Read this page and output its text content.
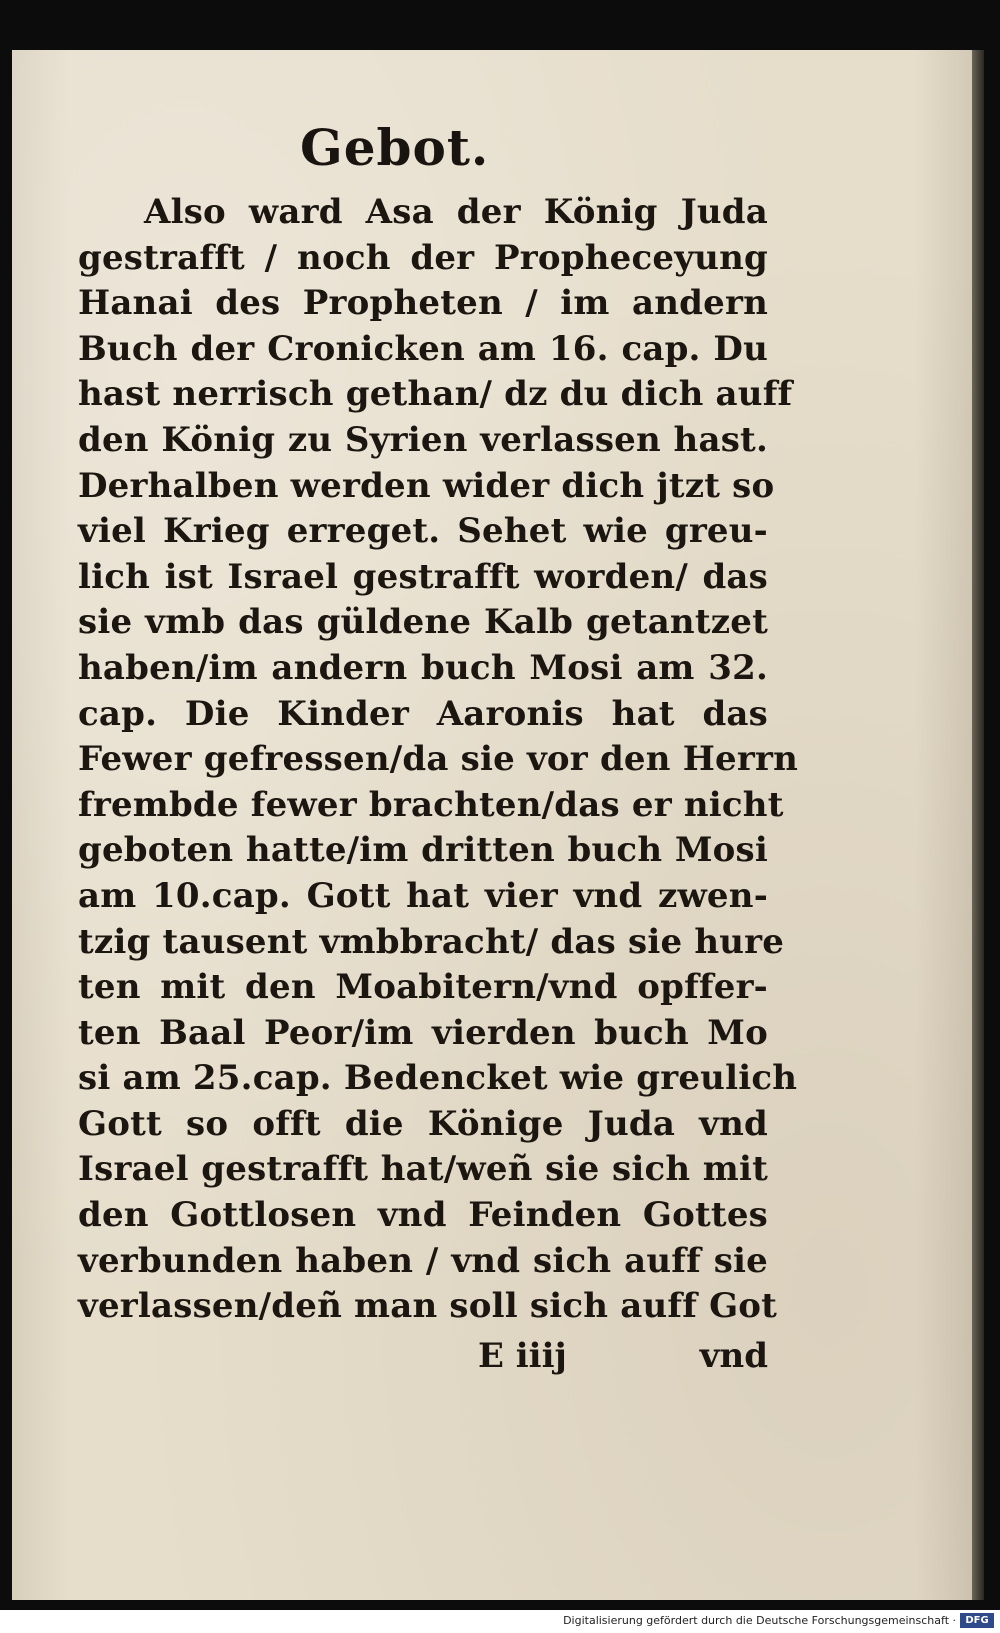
Gebot.
Also ward Asa der König Juda
gestrafft / noch der Propheceyung
Hanai des Propheten / im andern
Buch der Cronicken am 16. cap. Du
hast nerrisch gethan/ dz du dich auff
den König zu Syrien verlassen hast.
Derhalben werden wider dich jtzt so
viel Krieg erreget. Sehet wie greu-
lich ist Israel gestrafft worden/ das
sie vmb das güldene Kalb getantzet
haben/im andern buch Mosi am 32.
cap. Die Kinder Aaronis hat das
Fewer gefressen/da sie vor den Herrn
frembde fewer brachten/das er nicht
geboten hatte/im dritten buch Mosi
am 10.cap. Gott hat vier vnd zwen-
tzig tausent vmbbracht/ das sie hure
ten mit den Moabitern/vnd opffer-
ten Baal Peor/im vierden buch Mo
si am 25.cap. Bedencket wie greulich
Gott so offt die Könige Juda vnd
Israel gestrafft hat/weñ sie sich mit
den Gottlosen vnd Feinden Gottes
verbunden haben / vnd sich auff sie
verlassen/deñ man soll sich auff Got
E iiij	vnd
Digitalisierung gefördert durch die Deutsche Forschungsgemeinschaft · DFG
